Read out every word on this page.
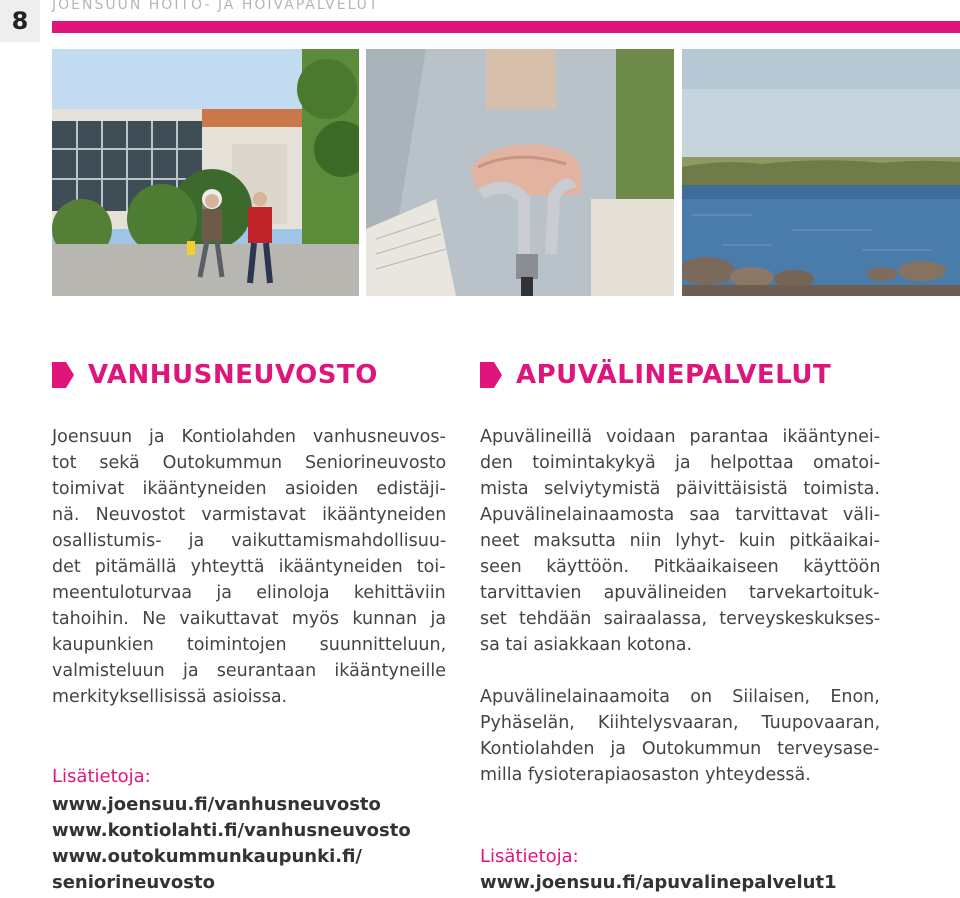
8
JOENSUUN HOITO- JA HOIVAPALVELUT
VANHUSNEUVOSTO
Joensuun ja Kontiolahden vanhusneuvos-
tot sekä Outokummun Seniorineuvosto
toimivat ikääntyneiden asioiden edistäji-
nä. Neuvostot varmistavat ikääntyneiden
osallistumis- ja vaikuttamismahdollisuu-
det pitämällä yhteyttä ikääntyneiden toi-
meentuloturvaa ja elinoloja kehittäviin
tahoihin. Ne vaikuttavat myös kunnan ja
kaupunkien toimintojen suunnitteluun,
valmisteluun ja seurantaan ikääntyneille
merkityksellisissä asioissa.
Lisätietoja:
www.joensuu.fi/vanhusneuvosto
www.kontiolahti.fi/vanhusneuvosto
www.outokummunkaupunki.fi/
seniorineuvosto
APUVÄLINEPALVELUT
Apuvälineillä voidaan parantaa ikääntynei-
den toimintakykyä ja helpottaa omatoi-
mista selviytymistä päivittäisistä toimista.
Apuvälinelainaamosta saa tarvittavat väli-
neet maksutta niin lyhyt- kuin pitkäaikai-
seen käyttöön. Pitkäaikaiseen käyttöön
tarvittavien apuvälineiden tarvekartoituk-
set tehdään sairaalassa, terveyskeskukses-
sa tai asiakkaan kotona.
Apuvälinelainaamoita on Siilaisen, Enon,
Pyhäselän, Kiihtelysvaaran, Tuupovaaran,
Kontiolahden ja Outokummun terveysase-
milla fysioterapiaosaston yhteydessä.
Lisätietoja:
www.joensuu.fi/apuvalinepalvelut1
